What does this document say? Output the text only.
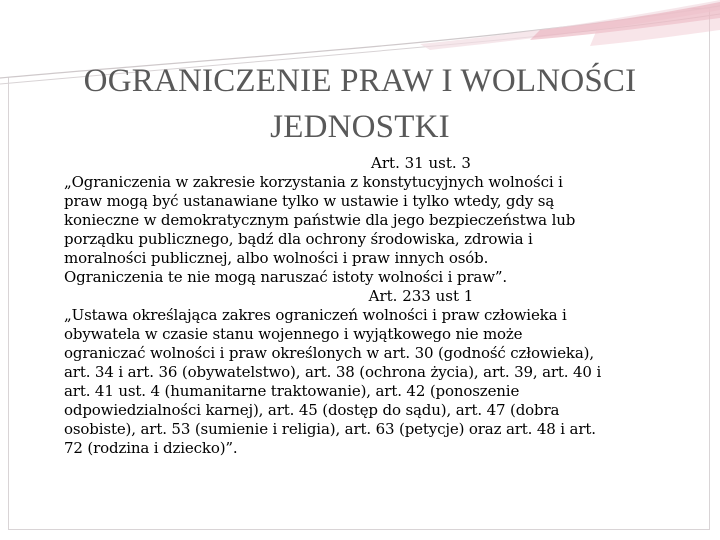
OGRANICZENIE PRAW I WOLNOŚCI
JEDNOSTKI

Art. 31 ust. 3

„Ograniczenia w zakresie korzystania z konstytucyjnych wolności i

praw mogą być ustanawiane tylko w ustawie i tylko wtedy, gdy są

konieczne w demokratycznym państwie dla jego bezpieczeństwa lub

porządku publicznego, bądź dla ochrony środowiska, zdrowia i

moralności publicznej, albo wolności i praw innych osób.

Ograniczenia te nie mogą naruszać istoty wolności i praw”.

Art. 233 ust 1

„Ustawa określająca zakres ograniczeń wolności i praw człowieka i

obywatela w czasie stanu wojennego i wyjątkowego nie może

ograniczać wolności i praw określonych w art. 30 (godność człowieka),

art. 34 i art. 36 (obywatelstwo), art. 38 (ochrona życia), art. 39, art. 40 i

art. 41 ust. 4 (humanitarne traktowanie), art. 42 (ponoszenie

odpowiedzialności karnej), art. 45 (dostęp do sądu), art. 47 (dobra

osobiste), art. 53 (sumienie i religia), art. 63 (petycje) oraz art. 48 i art.

72 (rodzina i dziecko)”.
